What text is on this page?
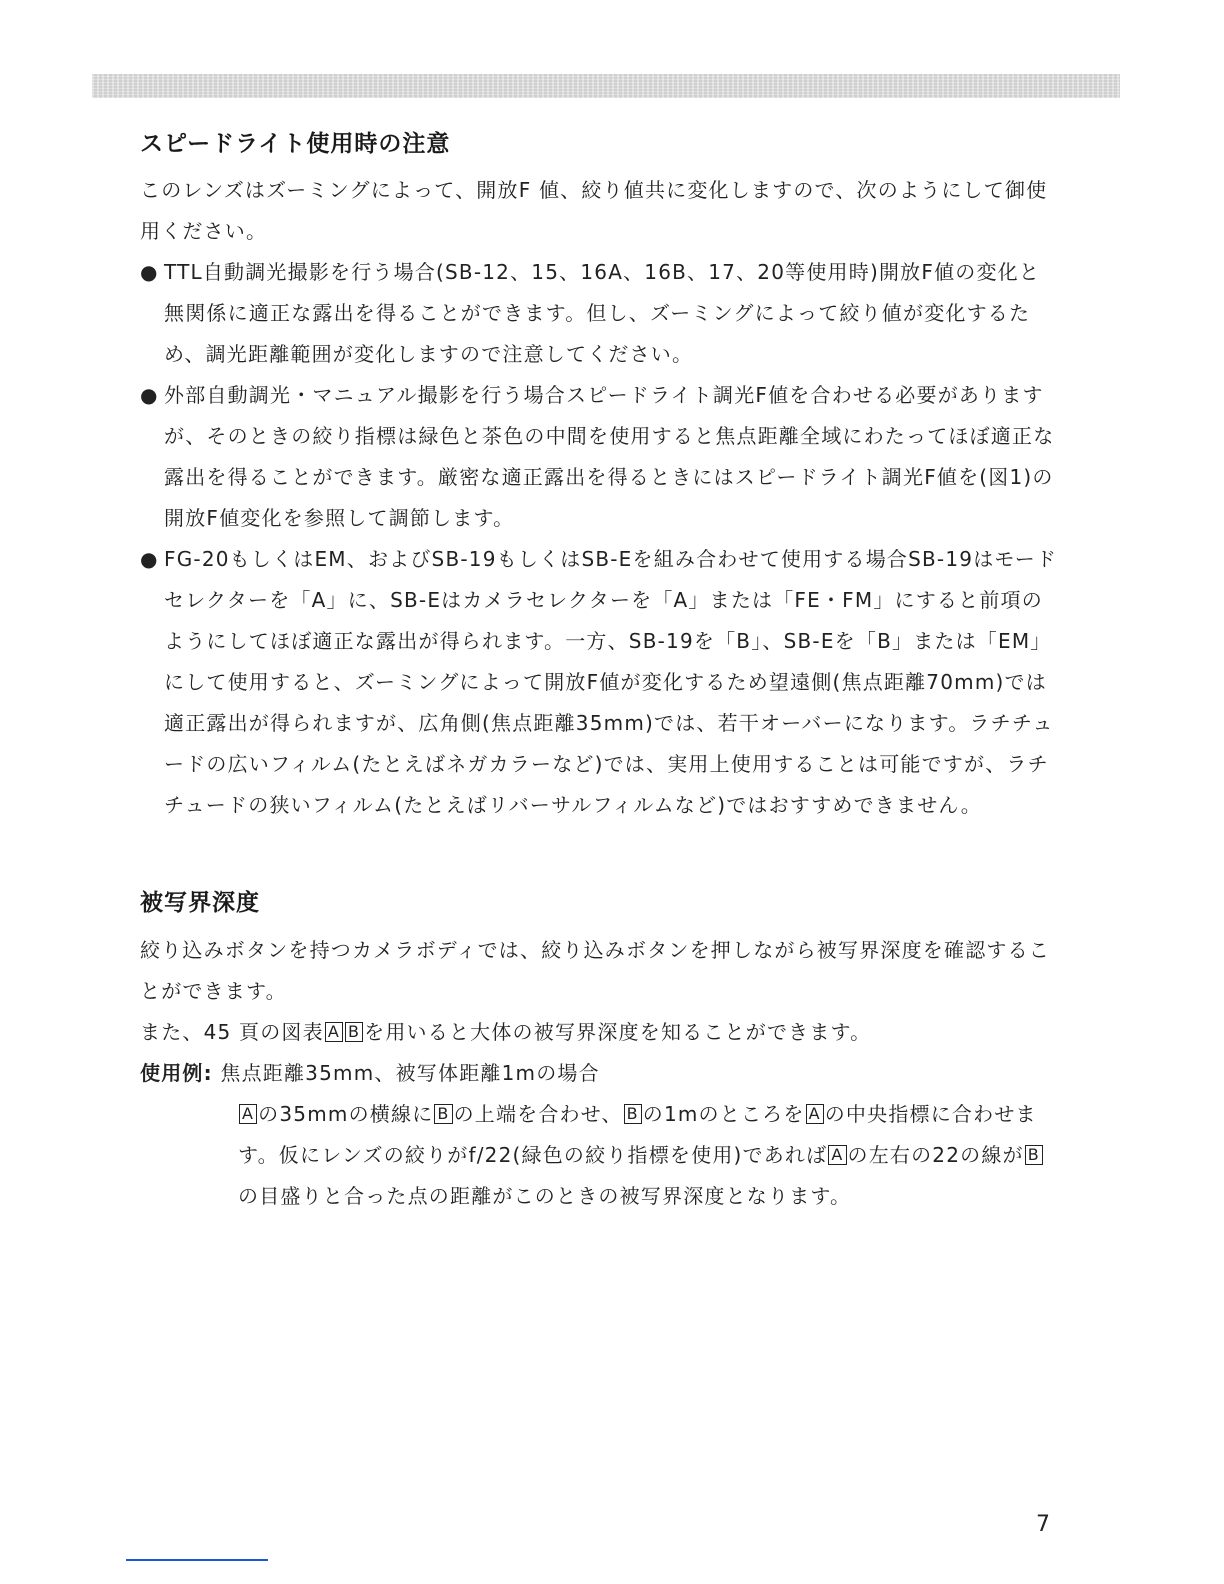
スピードライト使用時の注意

このレンズはズーミングによって、開放F 値、絞り値共に変化しますので、次のようにして御使用ください。

● TTL自動調光撮影を行う場合(SB-12、15、16A、16B、17、20等使用時)開放F値の変化と無関係に適正な露出を得ることができます。但し、ズーミングによって絞り値が変化するため、調光距離範囲が変化しますので注意してください。
● 外部自動調光・マニュアル撮影を行う場合スピードライト調光F値を合わせる必要がありますが、そのときの絞り指標は緑色と茶色の中間を使用すると焦点距離全域にわたってほぼ適正な露出を得ることができます。厳密な適正露出を得るときにはスピードライト調光F値を(図1)の開放F値変化を参照して調節します。
● FG-20もしくはEM、およびSB-19もしくはSB-Eを組み合わせて使用する場合SB-19はモードセレクターを「A」に、SB-Eはカメラセレクターを「A」または「FE・FM」にすると前項のようにしてほぼ適正な露出が得られます。一方、SB-19を「B」、SB-Eを「B」または「EM」にして使用すると、ズーミングによって開放F値が変化するため望遠側(焦点距離70mm)では適正露出が得られますが、広角側(焦点距離35mm)では、若干オーバーになります。ラチチュードの広いフィルム(たとえばネガカラーなど)では、実用上使用することは可能ですが、ラチチュードの狭いフィルム(たとえばリバーサルフィルムなど)ではおすすめできません。
被写界深度

絞り込みボタンを持つカメラボディでは、絞り込みボタンを押しながら被写界深度を確認することができます。

また、45 頁の図表 A B を用いると大体の被写界深度を知ることができます。

使用例: 焦点距離35mm、被写体距離1mの場合
A の35mmの横線に B の上端を合わせ、 B の1mのところを A の中央指標に合わせます。仮にレンズの絞りがf/22(緑色の絞り指標を使用)であれば A の左右の22の線が Bの目盛りと合った点の距離がこのときの被写界深度となります。
7
